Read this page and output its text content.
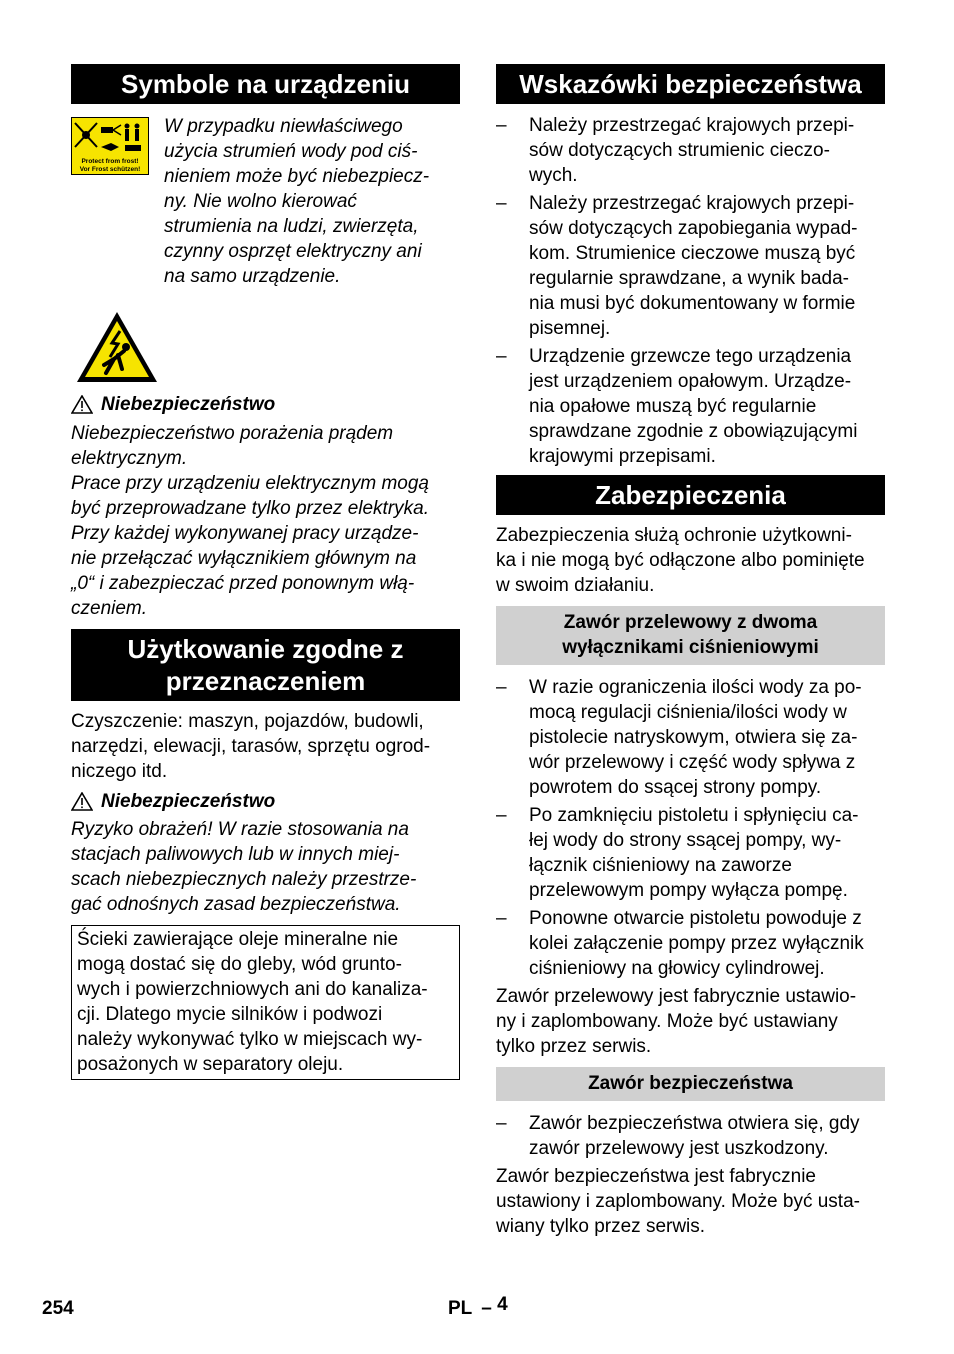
Symbole na urządzeniu
Protect from frost!
Vor Frost schützen!

W przypadku niewłaściwego

użycia strumień wody pod ciś-

nieniem może być niebezpiecz-

ny. Nie wolno kierować

strumienia na ludzi, zwierzęta,

czynny osprzęt elektryczny ani

na samo urządzenie.

Niebezpieczeństwo

Niebezpieczeństwo porażenia prądem

elektrycznym.

Prace przy urządzeniu elektrycznym mogą

być przeprowadzane tylko przez elektryka.

Przy każdej wykonywanej pracy urządze-

nie przełączać wyłącznikiem głównym na

„0“ i zabezpieczać przed ponownym włą-

czeniem.

Użytkowanie zgodne z
przeznaczeniem

Czyszczenie: maszyn, pojazdów, budowli,

narzędzi, elewacji, tarasów, sprzętu ogrod-

niczego itd.

Niebezpieczeństwo

Ryzyko obrażeń! W razie stosowania na

stacjach paliwowych lub w innych miej-

scach niebezpiecznych należy przestrze-

gać odnośnych zasad bezpieczeństwa.

Ścieki zawierające oleje mineralne nie

mogą dostać się do gleby, wód grunto-

wych i powierzchniowych ani do kanaliza-

cji. Dlatego mycie silników i podwozi

należy wykonywać tylko w miejscach wy-

posażonych w separatory oleju.

Wskazówki bezpieczeństwa
– Należy przestrzegać krajowych przepi-

sów dotyczących strumienic cieczo-

wych.

– Należy przestrzegać krajowych przepi-

sów dotyczących zapobiegania wypad-

kom. Strumienice cieczowe muszą być

regularnie sprawdzane, a wynik bada-

nia musi być dokumentowany w formie

pisemnej.

– Urządzenie grzewcze tego urządzenia

jest urządzeniem opałowym. Urządze-

nia opałowe muszą być regularnie

sprawdzane zgodnie z obowiązującymi

krajowymi przepisami.

Zabezpieczenia

Zabezpieczenia służą ochronie użytkowni-

ka i nie mogą być odłączone albo pominięte

w swoim działaniu.

Zawór przelewowy z dwoma
wyłącznikami ciśnieniowymi
– W razie ograniczenia ilości wody za po-

mocą regulacji ciśnienia/ilości wody w

pistolecie natryskowym, otwiera się za-

wór przelewowy i część wody spływa z

powrotem do ssącej strony pompy.

– Po zamknięciu pistoletu i spłynięciu ca-

łej wody do strony ssącej pompy, wy-

łącznik ciśnieniowy na zaworze

przelewowym pompy wyłącza pompę.

– Ponowne otwarcie pistoletu powoduje z

kolei załączenie pompy przez wyłącznik

ciśnieniowy na głowicy cylindrowej.

Zawór przelewowy jest fabrycznie ustawio-

ny i zaplombowany. Może być ustawiany

tylko przez serwis.

Zawór bezpieczeństwa
– Zawór bezpieczeństwa otwiera się, gdy

zawór przelewowy jest uszkodzony.

Zawór bezpieczeństwa jest fabrycznie

ustawiony i zaplombowany. Może być usta-

wiany tylko przez serwis.

254	PL – 4
